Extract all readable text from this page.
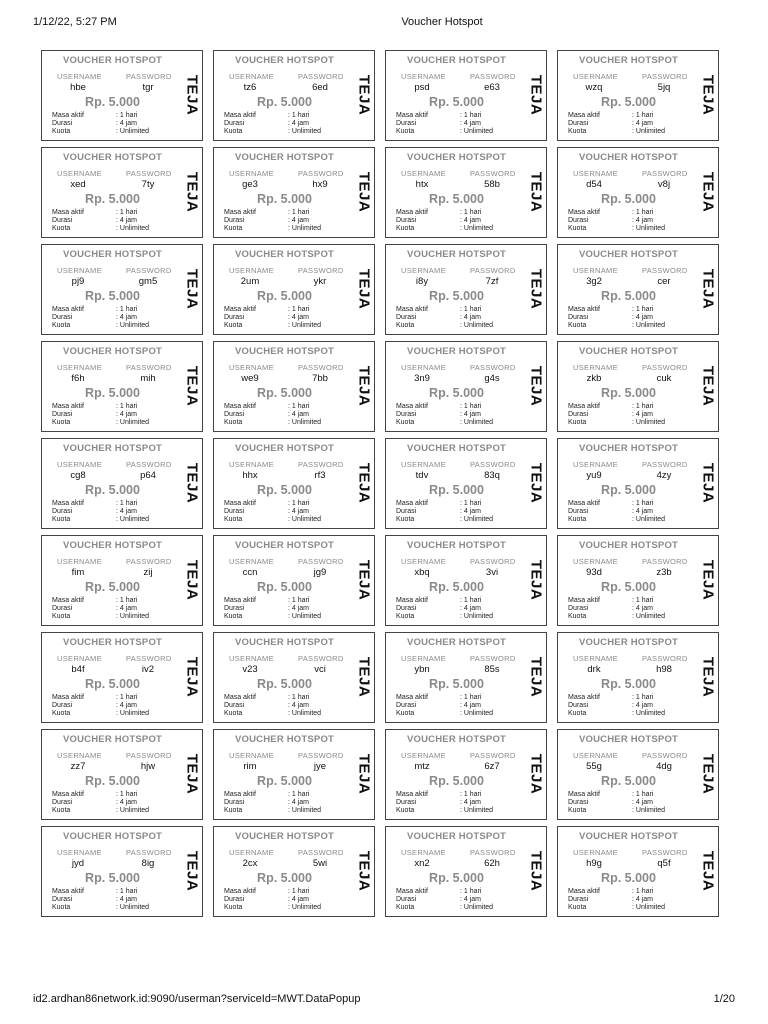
1/12/22, 5:27 PM	Voucher Hotspot
VOUCHER HOTSPOT
USERNAME	PASSWORD
hbe	tgr
Rp. 5.000
Masa aktif	: 1 hari
Durasi	: 4 jam
Kuota	: Unlimited
TEJA
VOUCHER HOTSPOT
USERNAME	PASSWORD
tz6	6ed
Rp. 5.000
Masa aktif	: 1 hari
Durasi	: 4 jam
Kuota	: Unlimited
TEJA
VOUCHER HOTSPOT
USERNAME	PASSWORD
psd	e63
Rp. 5.000
Masa aktif	: 1 hari
Durasi	: 4 jam
Kuota	: Unlimited
TEJA
VOUCHER HOTSPOT
USERNAME	PASSWORD
wzq	5jq
Rp. 5.000
Masa aktif	: 1 hari
Durasi	: 4 jam
Kuota	: Unlimited
TEJA
VOUCHER HOTSPOT
USERNAME	PASSWORD
xed	7ty
Rp. 5.000
Masa aktif	: 1 hari
Durasi	: 4 jam
Kuota	: Unlimited
TEJA
VOUCHER HOTSPOT
USERNAME	PASSWORD
ge3	hx9
Rp. 5.000
Masa aktif	: 1 hari
Durasi	: 4 jam
Kuota	: Unlimited
TEJA
VOUCHER HOTSPOT
USERNAME	PASSWORD
htx	58b
Rp. 5.000
Masa aktif	: 1 hari
Durasi	: 4 jam
Kuota	: Unlimited
TEJA
VOUCHER HOTSPOT
USERNAME	PASSWORD
d54	v8j
Rp. 5.000
Masa aktif	: 1 hari
Durasi	: 4 jam
Kuota	: Unlimited
TEJA
VOUCHER HOTSPOT
USERNAME	PASSWORD
pj9	gm5
Rp. 5.000
Masa aktif	: 1 hari
Durasi	: 4 jam
Kuota	: Unlimited
TEJA
VOUCHER HOTSPOT
USERNAME	PASSWORD
2um	ykr
Rp. 5.000
Masa aktif	: 1 hari
Durasi	: 4 jam
Kuota	: Unlimited
TEJA
VOUCHER HOTSPOT
USERNAME	PASSWORD
i8y	7zf
Rp. 5.000
Masa aktif	: 1 hari
Durasi	: 4 jam
Kuota	: Unlimited
TEJA
VOUCHER HOTSPOT
USERNAME	PASSWORD
3g2	cer
Rp. 5.000
Masa aktif	: 1 hari
Durasi	: 4 jam
Kuota	: Unlimited
TEJA
VOUCHER HOTSPOT
USERNAME	PASSWORD
f6h	mih
Rp. 5.000
Masa aktif	: 1 hari
Durasi	: 4 jam
Kuota	: Unlimited
TEJA
VOUCHER HOTSPOT
USERNAME	PASSWORD
we9	7bb
Rp. 5.000
Masa aktif	: 1 hari
Durasi	: 4 jam
Kuota	: Unlimited
TEJA
VOUCHER HOTSPOT
USERNAME	PASSWORD
3n9	g4s
Rp. 5.000
Masa aktif	: 1 hari
Durasi	: 4 jam
Kuota	: Unlimited
TEJA
VOUCHER HOTSPOT
USERNAME	PASSWORD
zkb	cuk
Rp. 5.000
Masa aktif	: 1 hari
Durasi	: 4 jam
Kuota	: Unlimited
TEJA
VOUCHER HOTSPOT
USERNAME	PASSWORD
cg8	p64
Rp. 5.000
Masa aktif	: 1 hari
Durasi	: 4 jam
Kuota	: Unlimited
TEJA
VOUCHER HOTSPOT
USERNAME	PASSWORD
hhx	rf3
Rp. 5.000
Masa aktif	: 1 hari
Durasi	: 4 jam
Kuota	: Unlimited
TEJA
VOUCHER HOTSPOT
USERNAME	PASSWORD
tdv	83q
Rp. 5.000
Masa aktif	: 1 hari
Durasi	: 4 jam
Kuota	: Unlimited
TEJA
VOUCHER HOTSPOT
USERNAME	PASSWORD
yu9	4zy
Rp. 5.000
Masa aktif	: 1 hari
Durasi	: 4 jam
Kuota	: Unlimited
TEJA
VOUCHER HOTSPOT
USERNAME	PASSWORD
fim	zij
Rp. 5.000
Masa aktif	: 1 hari
Durasi	: 4 jam
Kuota	: Unlimited
TEJA
VOUCHER HOTSPOT
USERNAME	PASSWORD
ccn	jg9
Rp. 5.000
Masa aktif	: 1 hari
Durasi	: 4 jam
Kuota	: Unlimited
TEJA
VOUCHER HOTSPOT
USERNAME	PASSWORD
xbq	3vi
Rp. 5.000
Masa aktif	: 1 hari
Durasi	: 4 jam
Kuota	: Unlimited
TEJA
VOUCHER HOTSPOT
USERNAME	PASSWORD
93d	z3b
Rp. 5.000
Masa aktif	: 1 hari
Durasi	: 4 jam
Kuota	: Unlimited
TEJA
VOUCHER HOTSPOT
USERNAME	PASSWORD
b4f	iv2
Rp. 5.000
Masa aktif	: 1 hari
Durasi	: 4 jam
Kuota	: Unlimited
TEJA
VOUCHER HOTSPOT
USERNAME	PASSWORD
v23	vci
Rp. 5.000
Masa aktif	: 1 hari
Durasi	: 4 jam
Kuota	: Unlimited
TEJA
VOUCHER HOTSPOT
USERNAME	PASSWORD
ybn	85s
Rp. 5.000
Masa aktif	: 1 hari
Durasi	: 4 jam
Kuota	: Unlimited
TEJA
VOUCHER HOTSPOT
USERNAME	PASSWORD
drk	h98
Rp. 5.000
Masa aktif	: 1 hari
Durasi	: 4 jam
Kuota	: Unlimited
TEJA
VOUCHER HOTSPOT
USERNAME	PASSWORD
zz7	hjw
Rp. 5.000
Masa aktif	: 1 hari
Durasi	: 4 jam
Kuota	: Unlimited
TEJA
VOUCHER HOTSPOT
USERNAME	PASSWORD
rim	jye
Rp. 5.000
Masa aktif	: 1 hari
Durasi	: 4 jam
Kuota	: Unlimited
TEJA
VOUCHER HOTSPOT
USERNAME	PASSWORD
mtz	6z7
Rp. 5.000
Masa aktif	: 1 hari
Durasi	: 4 jam
Kuota	: Unlimited
TEJA
VOUCHER HOTSPOT
USERNAME	PASSWORD
55g	4dg
Rp. 5.000
Masa aktif	: 1 hari
Durasi	: 4 jam
Kuota	: Unlimited
TEJA
VOUCHER HOTSPOT
USERNAME	PASSWORD
jyd	8ig
Rp. 5.000
Masa aktif	: 1 hari
Durasi	: 4 jam
Kuota	: Unlimited
TEJA
VOUCHER HOTSPOT
USERNAME	PASSWORD
2cx	5wi
Rp. 5.000
Masa aktif	: 1 hari
Durasi	: 4 jam
Kuota	: Unlimited
TEJA
VOUCHER HOTSPOT
USERNAME	PASSWORD
xn2	62h
Rp. 5.000
Masa aktif	: 1 hari
Durasi	: 4 jam
Kuota	: Unlimited
TEJA
VOUCHER HOTSPOT
USERNAME	PASSWORD
h9g	q5f
Rp. 5.000
Masa aktif	: 1 hari
Durasi	: 4 jam
Kuota	: Unlimited
TEJA
id2.ardhan86network.id:9090/userman?serviceId=MWT.DataPopup	1/20
